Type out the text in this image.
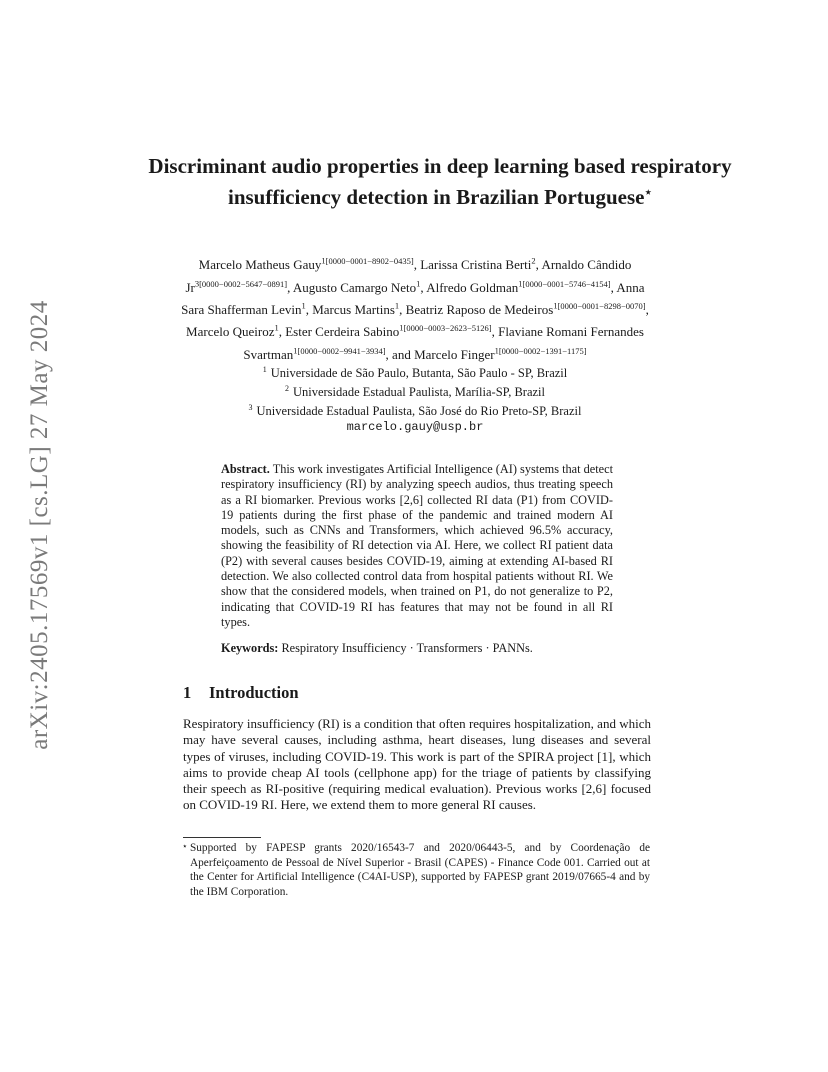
arXiv:2405.17569v1 [cs.LG] 27 May 2024
Discriminant audio properties in deep learning based respiratory insufficiency detection in Brazilian Portuguese⋆
Marcelo Matheus Gauy$^{1[0000-0001-8902-0435]}$, Larissa Cristina Berti$^2$, Arnaldo Cândido $Jr^{3[0000-0002-5647-0891]}$, Augusto Camargo Neto$^1$, Alfredo Goldman$^{1[0000-0001-5746-4154]}$, Anna Sara Shafferman Levin$^1$, Marcus Martins$^1$, Beatriz Raposo de Medeiros$^{1[0000-0001-8298-0070]}$, Marcelo Queiroz$^1$, Ester Cerdeira Sabino$^{1[0000-0003-2623-5126]}$, Flaviane Romani Fernandes Svartman$^{1[0000-0002-9941-3934]}$, and Marcelo Finger$^{1[0000-0002-1391-1175]}$
$^1$ Universidade de São Paulo, Butanta, São Paulo - SP, Brazil
$^2$ Universidade Estadual Paulista, Marília-SP, Brazil
$^3$ Universidade Estadual Paulista, São José do Rio Preto-SP, Brazil
marcelo.gauy@usp.br

Abstract. This work investigates Artificial Intelligence (AI) systems that detect respiratory insufficiency (RI) by analyzing speech audios, thus treating speech as a RI biomarker. Previous works [2,6] collected RI data (P1) from COVID-19 patients during the first phase of the pandemic and trained modern AI models, such as CNNs and Transformers, which achieved 96.5% accuracy, showing the feasibility of RI detection via AI. Here, we collect RI patient data (P2) with several causes besides COVID-19, aiming at extending AI-based RI detection. We also collected control data from hospital patients without RI. We show that the considered models, when trained on P1, do not generalize to P2, indicating that COVID-19 RI has features that may not be found in all RI types.

Keywords: Respiratory Insufficiency · Transformers · PANNs.

1 Introduction

Respiratory insufficiency (RI) is a condition that often requires hospitalization, and which may have several causes, including asthma, heart diseases, lung diseases and several types of viruses, including COVID-19. This work is part of the SPIRA project [1], which aims to provide cheap AI tools (cellphone app) for the triage of patients by classifying their speech as RI-positive (requiring medical evaluation). Previous works [2,6] focused on COVID-19 RI. Here, we extend them to more general RI causes.

⋆ Supported by FAPESP grants 2020/16543-7 and 2020/06443-5, and by Coordenação de Aperfeiçoamento de Pessoal de Nível Superior - Brasil (CAPES) - Finance Code 001. Carried out at the Center for Artificial Intelligence (C4AI-USP), supported by FAPESP grant 2019/07665-4 and by the IBM Corporation.
